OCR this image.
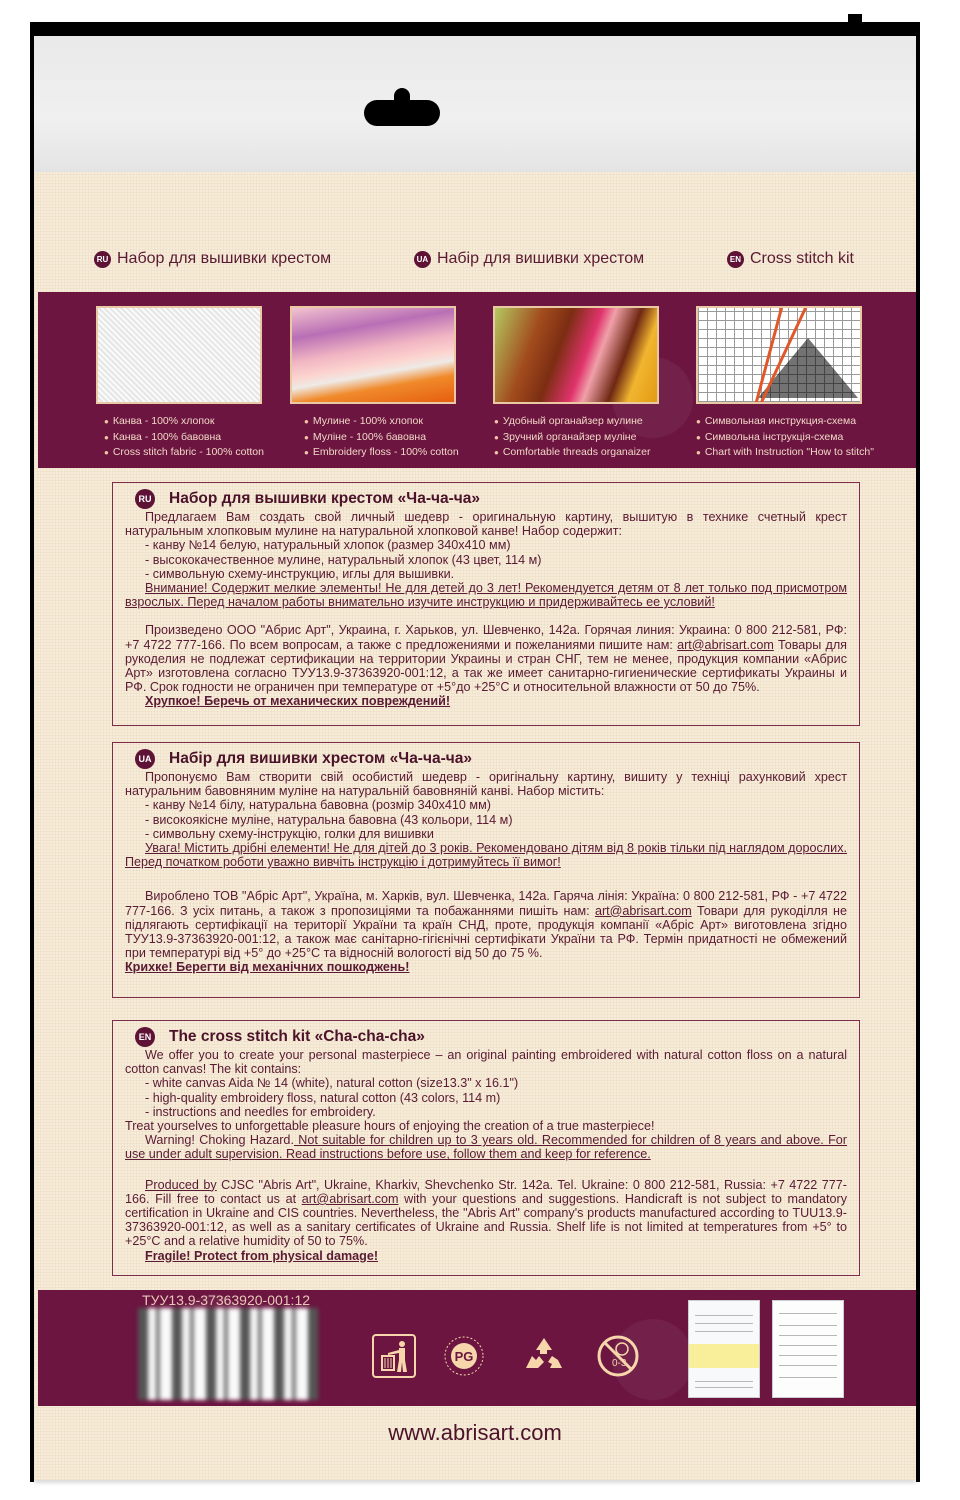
RU Набор для вышивки крестом	UA Набір для вишивки хрестом	EN Cross stitch kit
● Канва - 100% хлопок
● Канва - 100% бавовна
● Cross stitch fabric - 100% cotton
● Мулине - 100% хлопок
● Муліне - 100% бавовна
● Embroidery floss - 100% cotton
● Удобный органайзер мулине
● Зручний органайзер муліне
● Comfortable threads organaizer
● Символьная инструкция-схема
● Символьна інструкція-схема
● Chart with Instruction "How to stitch"
RU Набор для вышивки крестом «Ча-ча-ча»

Предлагаем Вам создать свой личный шедевр - оригинальную картину, вышитую в технике счетный крест натуральным хлопковым мулине на натуральной хлопковой канве! Набор содержит:

- канву №14 белую, натуральный хлопок (размер 340х410 мм)

- высококачественное мулине, натуральный хлопок (43 цвет, 114 м)

- символьную схему-инструкцию, иглы для вышивки.

Внимание! Содержит мелкие элементы! Не для детей до 3 лет! Рекомендуется детям от 8 лет только под присмотром взрослых. Перед началом работы внимательно изучите инструкцию и придерживайтесь ее условий!

Произведено ООО "Абрис Арт", Украина, г. Харьков, ул. Шевченко, 142а. Горячая линия: Украина: 0 800 212-581, РФ: +7 4722 777-166. По всем вопросам, а также с предложениями и пожеланиями пишите нам: art@abrisart.com Товары для рукоделия не подлежат сертификации на территории Украины и стран СНГ, тем не менее, продукция компании «Абрис Арт» изготовлена согласно ТУУ13.9-37363920-001:12, а так же имеет санитарно-гигиенические сертификаты Украины и РФ. Срок годности не ограничен при температуре от +5°до +25°С и относительной влажности от 50 до 75%.

Хрупкое! Беречь от механических повреждений!

UA Набір для вишивки хрестом «Ча-ча-ча»

Пропонуємо Вам створити свій особистий шедевр - оригінальну картину, вишиту у техніці рахунковий хрест натуральним бавовняним муліне на натуральній бавовняній канві. Набор містить:

- канву №14 білу, натуральна бавовна (розмір 340х410 мм)

- високоякісне муліне, натуральна бавовна (43 кольори, 114 м)

- символьну схему-інструкцію, голки для вишивки

Увага! Містить дрібні елементи! Не для дітей до 3 років. Рекомендовано дітям від 8 років тільки під наглядом дорослих. Перед початком роботи уважно вивчіть інструкцію і дотримуйтесь її вимог!

Вироблено ТОВ "Абріс Арт", Україна, м. Харків, вул. Шевченка, 142а. Гаряча лінія: Україна: 0 800 212-581, РФ - +7 4722 777-166. З усіх питань, а також з пропозиціями та побажаннями пишіть нам: art@abrisart.com Товари для рукоділля не підлягають сертифікації на території України та країн СНД, проте, продукція компанії «Абріс Арт» виготовлена згідно ТУУ13.9-37363920-001:12, а також має санітарно-гігієнічні сертифікати України та РФ. Термін придатності не обмежений при температурі від +5° до +25°С та відносній вологості від 50 до 75 %.

Крихке! Берегти від механічних пошкоджень!

EN The cross stitch kit «Cha-cha-cha»

We offer you to create your personal masterpiece – an original painting embroidered with natural cotton floss on a natural cotton canvas! The kit contains:

- white canvas Aida № 14 (white), natural cotton (size13.3" x 16.1")

- high-quality embroidery floss, natural cotton (43 colors, 114 m)

- instructions and needles for embroidery.

Treat yourselves to unforgettable pleasure hours of enjoying the creation of a true masterpiece!

Warning! Choking Hazard. Not suitable for children up to 3 years old. Recommended for children of 8 years and above. For use under adult supervision. Read instructions before use, follow them and keep for reference.

Produced by CJSC "Abris Art", Ukraine, Kharkiv, Shevchenko Str. 142a. Tel. Ukraine: 0 800 212-581, Russia: +7 4722 777-166. Fill free to contact us at art@abrisart.com with your questions and suggestions. Handicraft is not subject to mandatory certification in Ukraine and CIS countries. Nevertheless, the "Abris Art" company's products manufactured according to TUU13.9-37363920-001:12, as well as a sanitary certificates of Ukraine and Russia. Shelf life is not limited at temperatures from +5° to +25°C and a relative humidity of 50 to 75%.

Fragile! Protect from physical damage!

ТУУ13.9-37363920-001:12
PG	0-3
www.abrisart.com
